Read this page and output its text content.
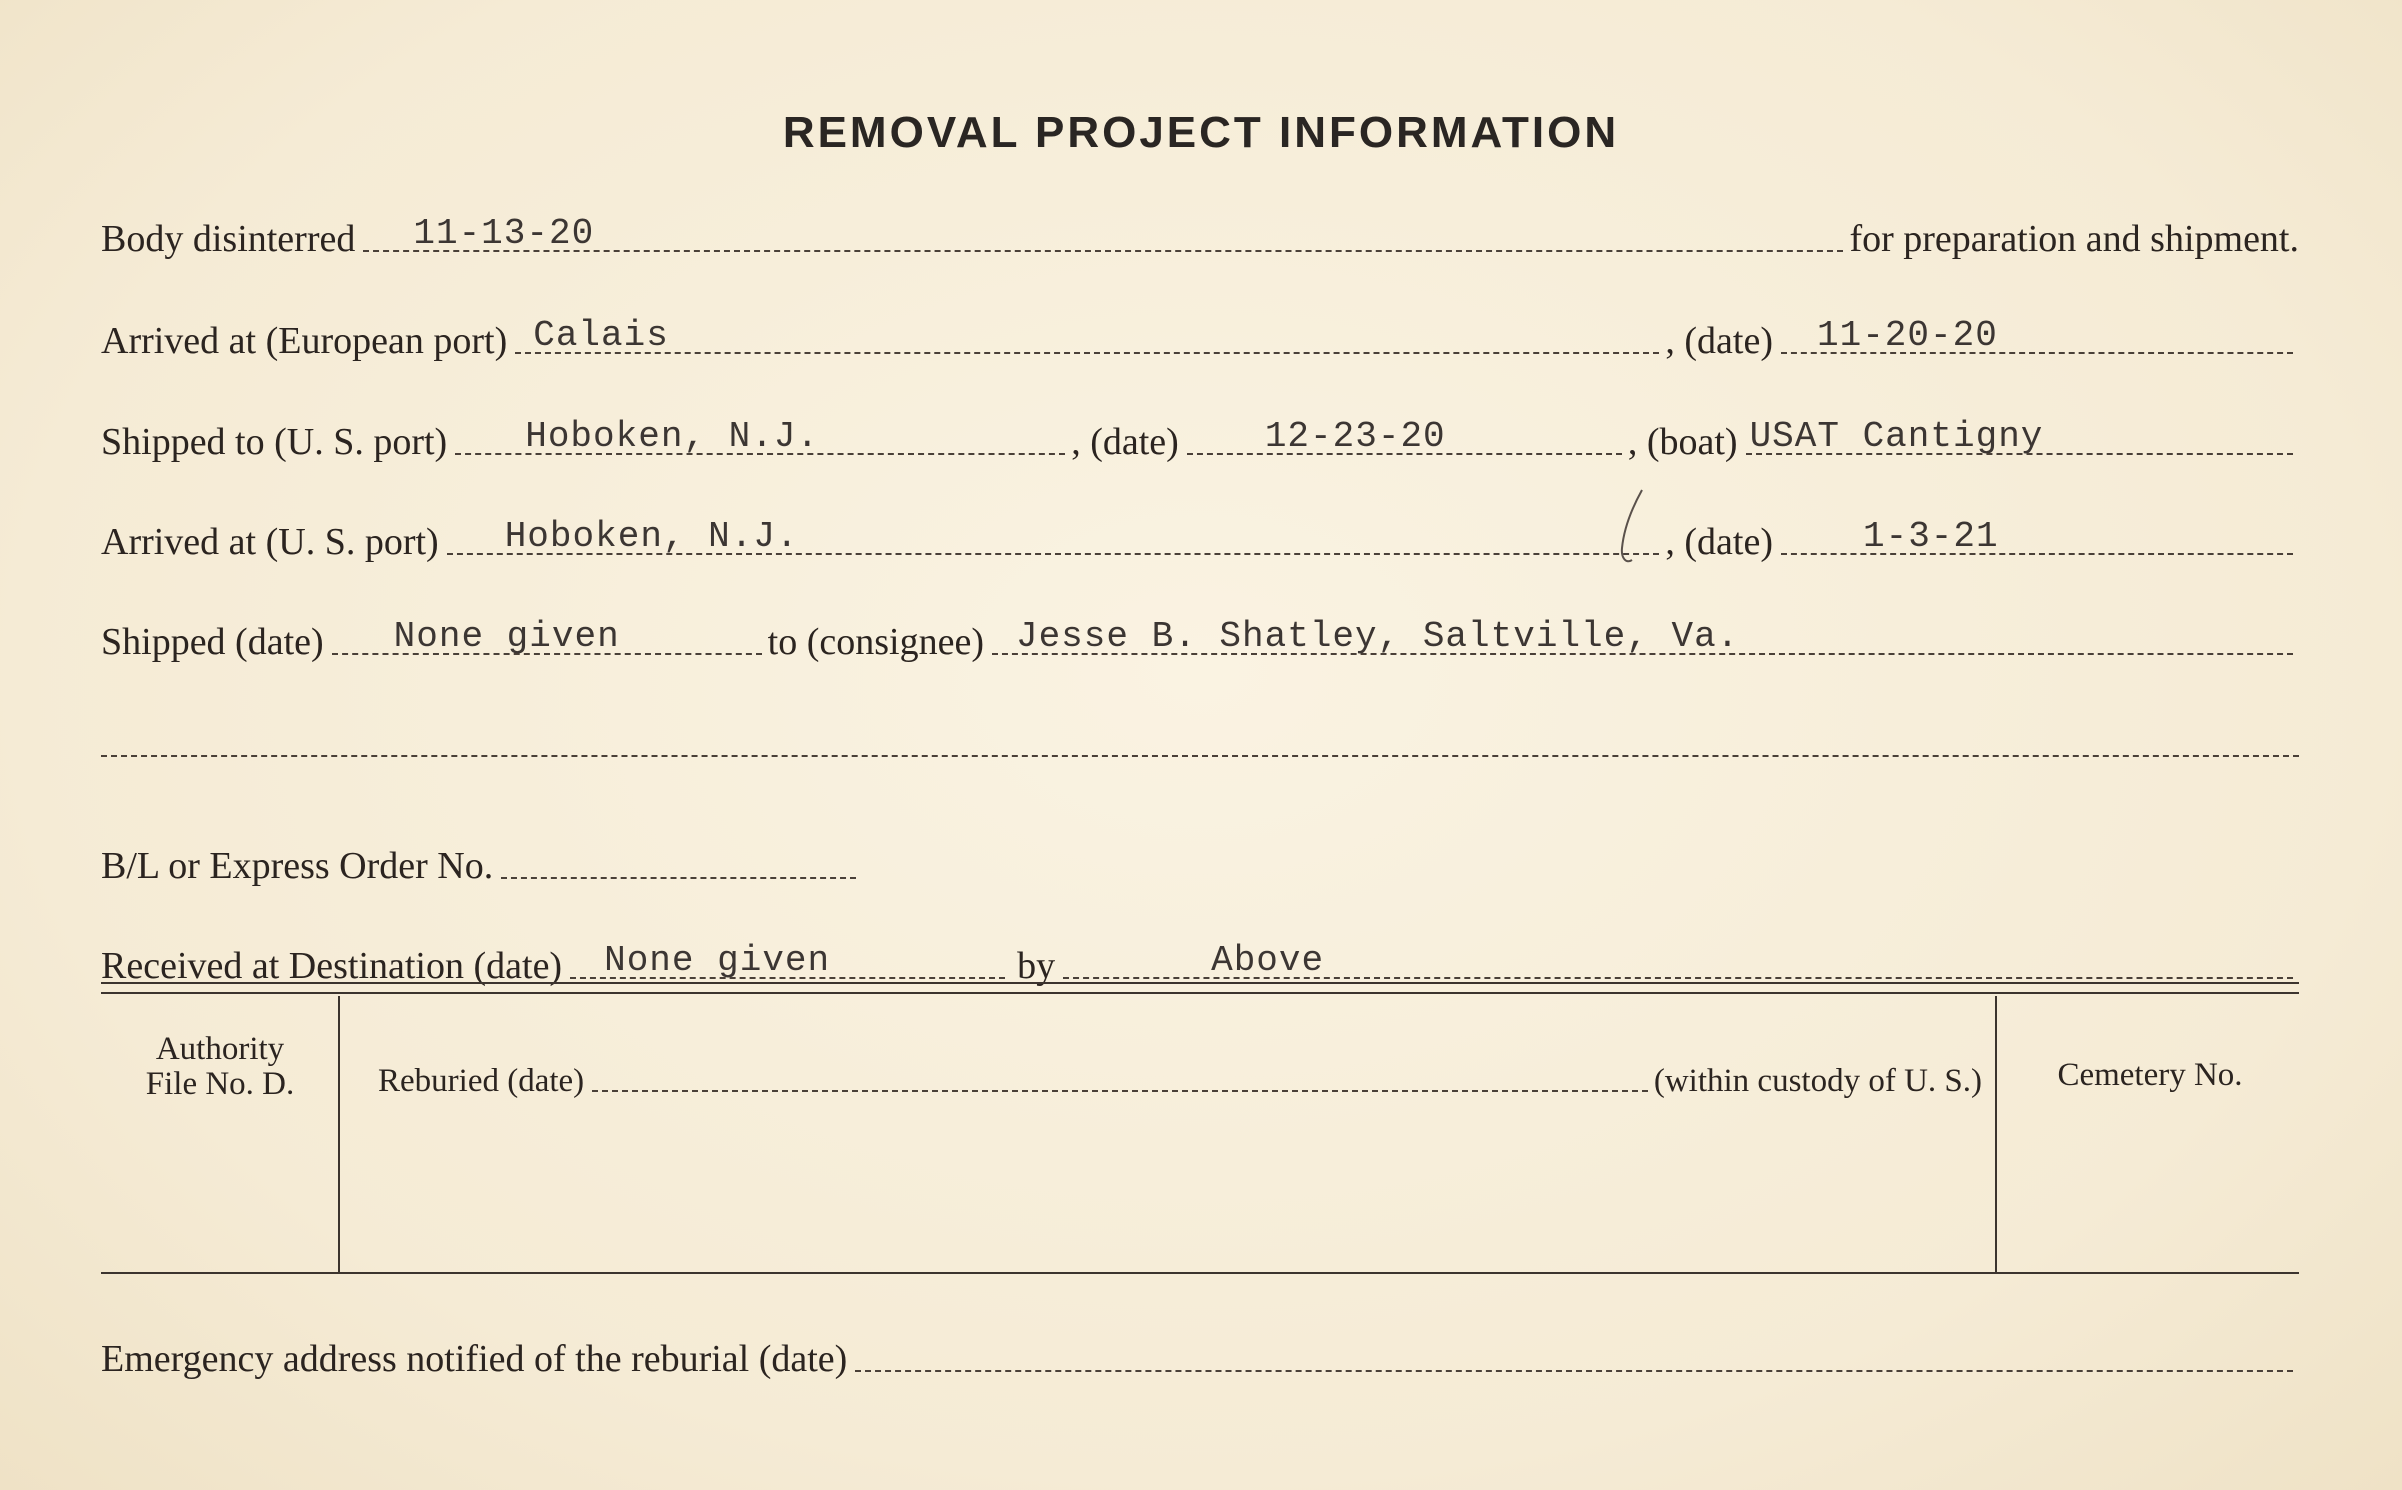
REMOVAL PROJECT INFORMATION
Body disinterred 11-13-20	for preparation and shipment.
Arrived at (European port) Calais	, (date) 11-20-20
Shipped to (U. S. port) Hoboken, N.J.	, (date) 12-23-20	, (boat) USAT Cantigny
Arrived at (U. S. port) Hoboken, N.J.	, (date)	1-3-21
Shipped (date) None given	to (consignee) Jesse B. Shatley, Saltville, Va.
B/L or Express Order No.
Received at Destination (date) None given	by	Above
Authority
File No. D.	Reburied (date)	(within custody of U. S.)	Cemetery No.
Emergency address notified of the reburial (date)
